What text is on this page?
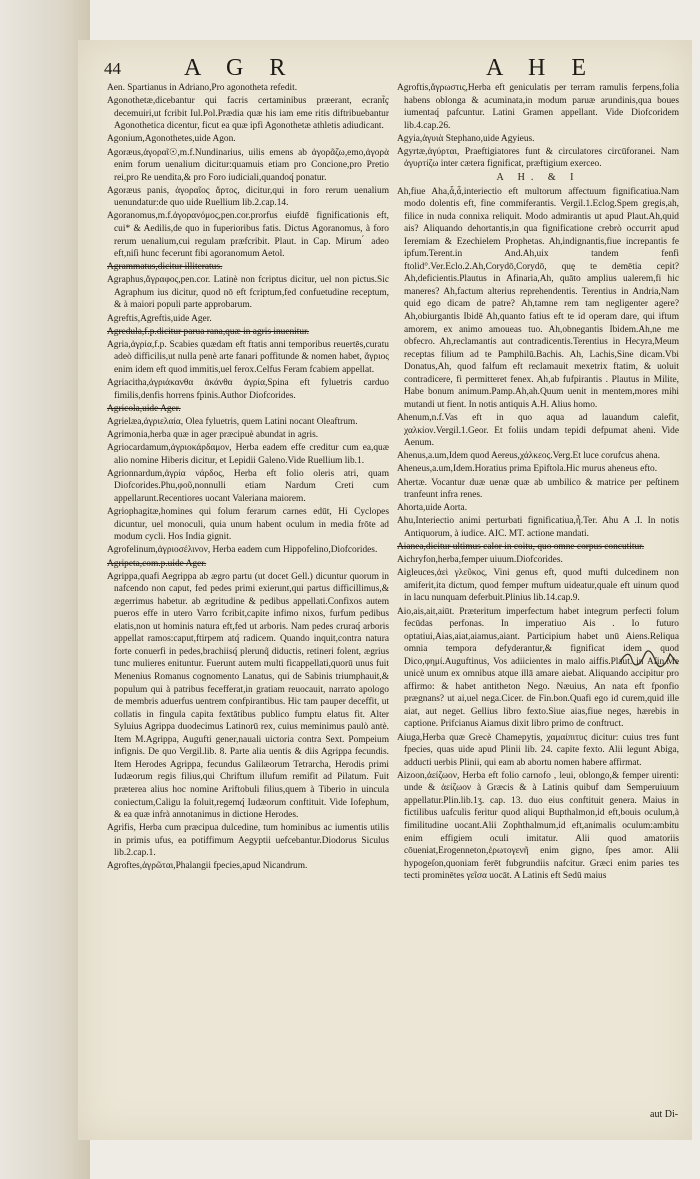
44	A G R	A H E

Aen. Spartianus in Adriano,Pro agonotheta refedit.

Agonothetæ,dicebantur qui facris certaminibus præerant, ecrant̃ç decemuiri,ut fcribit Iul.Pol.Prædia quæ his iam eme ritis diftribuebantur Agonothetica dicentur, ficut ea quæ ipfi Agonothetæ athletis adiudicant.

Agonium,Agonothetes,uide Agon.

Agoræus,ἀγοραῖ☉,m.f.Nundinarius, uilis emens ab ἀγορᾶζω,emo,ἀγορὰ enim forum uenalium dicitur:quamuis etiam pro Concione,pro Pretio rei,pro Re uendita,& pro Foro iudiciali,quandoq́ ponatur.

Agoræus panis, ἀγοραῖος ἄρτος, dicitur,qui in foro rerum uenalium uenundatur:de quo uide Ruellium lib.2.cap.14.

Agoranomus,m.f.ἀγορανόμος,pen.cor.prorfus eiufdē fignificationis eft, cui* & Aedilis,de quo in fuperioribus fatis. Dictus Agoranomus, à foro rerum uenalium,cui regulam præfcribit. Plaut. in Cap. Mirum ́ adeo eft,niſi hunc fecerunt fibi agoranomum Aetol.

Agrammatus,dicitur illiteratus.

Agraphus,ἄγραφος,pen.cor. Latinè non fcriptus dicitur, uel non pictus.Sic Agraphum ius dicitur, quod nō eft fcriptum,fed confuetudine receptum, & à maiori populi parte approbarum.

Agreftis,Agreftis,uide Ager.

Agredula,f.p.dicitur parua rana,quæ in agris inuenitur.

Agria,ἀγρία,f.p. Scabies quædam eft ftatis anni temporibus reuertēs,curatu adeò difficilis,ut nulla penè arte fanari poffitunde & nomen habet, ἄγριος enim idem eft quod immitis,uel ferox.Celfus Feram fcabiem appellat.

Agriacitha,ἀγριάκανθα ἀκάνθα ἀγρία,Spina eft fyluetris carduo fimilis,denfis horrens fpinis.Author Diofcorides.

Agricola,uide Ager.

Agrielæa,ἀγριελαία, Olea fyluetris, quem Latini nocant Oleaftrum.

Agrimonia,herba quæ in ager præcipuè abundat in agris.

Agriocardamum,ἀγριοκάρδαμον, Herba eadem effe creditur cum ea,quæ alio nomine Hiberis dicitur, et Lepidii Galeno.Vide Ruellium lib.1.

Agrionnardum,ἀγρία νάρδος, Herba eft folio oleris atri, quam Diofcorides.Phu,φοῦ,nonnulli etiam Nardum Creti cum appellarunt.Recentiores uocant Valeriana maiorem.

Agriophagitæ,homines qui folum ferarum carnes edūt, Hi Cyclopes dicuntur, uel monoculi, quia unum habent oculum in media frōte ad modum cycli. Hos India gignit.

Agrofelinum,ἀγριοσέλινον, Herba eadem cum Hippofelino,Diofcorides.

Agripeta,com.p.uide Ager.

Agrippa,quafi Aegrippa ab ægro partu (ut docet Gell.) dicuntur quorum in nafcendo non caput, fed pedes primi exierunt,qui partus difficillimus,& ægerrimus habetur. ab ægritudine & pedibus appellati.Confixos autem pueros effe in utero Varro fcribit,capite infimo nixos, furfum pedibus elatis,non ut hominis natura eft,fed ut arboris. Nam pedes cruraq́ arboris appellat ramos:caput,ftirpem atq́ radicem. Quando inquit,contra natura forte conuerfi in pedes,brachiisq́ plerunq̃ diductis, retineri folent, ægrius tunc mulieres enituntur. Fuerunt autem multi ficappellati,quorū unus fuit Menenius Romanus cognomento Lanatus, qui de Sabinis triumphauit,& populum qui à patribus fecefferat,in gratiam reuocauit, narrato apologo de membris aduerfus uentrem confpirantibus. Hic tam pauper deceffit, ut collatis in fingula capita fextātibus publico fumptu elatus fit. Alter Syluius Agrippa duodecimus Latinorū rex, cuius meminimus paulò antè. Item M.Agrippa, Augufti gener,nauali uictoria contra Sext. Pompeium infignis. De quo Vergil.lib. 8. Parte alia uentis & diis Agrippa fecundis. Item Herodes Agrippa, fecundus Galilæorum Tetrarcha, Herodis primi Iudæorum regis filius,qui Chriftum illufum remifit ad Pilatum. Fuit præterea alius hoc nomine Ariftobuli filius,quem à Tiberio in uincula coniectum,Caligu la foluit,regemq́ Iudæorum conftituit. Vide Iofephum, & ea quæ infrà annotanimus in dictione Herodes.

Agrifis, Herba cum præcipua dulcedine, tum hominibus ac iumentis utilis in primis ufus, ea potiffimum Aegyptii uefcebantur.Diodorus Siculus lib.2.cap.1.

Agroftes,ἀγρῶται,Phalangii fpecies,apud Nicandrum.

Agroftis,ἄγρωστις,Herba eft geniculatis per terram ramulis ferpens,folia habens oblonga & acuminata,in modum paruæ arundinis,qua boues iumentaq́ pafcuntur. Latini Gramen appellant. Vide Diofcoridem lib.4.cap.26.

Agyia,ἀγυιὰ Stephano,uide Agyieus.

Agyrtæ,ἀγύρται, Praeftigiatores funt & circulatores circūforanei. Nam ἀγυρτίζω inter cætera fignificat, præftigium exerceo.

A H. & I

Ah,fiue Aha,ἆ,ἆ,interiectio eft multorum affectuum fignificatiua.Nam modo dolentis eft, fine commiferantis. Vergil.1.Eclog.Spem gregis,ah, filice in nuda connixa reliquit. Modo admirantis ut apud Plaut.Ah,quid ais? Aliquando dehortantis,in qua fignificatione crebrò occurrit apud Ieremiam & Ezechielem Prophetas. Ah,indignantis,fiue increpantis fe ipfum.Terent.in And.Ah,uix tandem fenfi ftolid°.Ver.Eclo.2.Ah,Corydō,Corydō, quę te demētia cepit? Ah,deficientis.Plautus in Afinaria,Ah, quāto amplius ualerem,fi hic maneres? Ah,factum alterius reprehendentis. Terentius in Andria,Nam quid ego dicam de patre? Ah,tamne rem tam negligenter agere? Ah,obiurgantis Ibidē Ah,quanto fatius eft te id operam dare, qui iftum amorem, ex animo amoueas tuo. Ah,obnegantis Ibidem.Ah,ne me obfecro. Ah,reclamantis aut contradicentis.Terentius in Hecyra,Meum receptas filium ad te Pamphilū.Bachis. Ah, Lachis,Sine dicam.Vbi Donatus,Ah, quod falfum eft reclamauit mexetrix ftatim, & uoluit contradicere, fi permitteret fenex. Ah,ab fufpirantis . Plautus in Milite, Habe bonum animum.Pamp.Ah,ah.Quum uenit in mentem,mores mihi mutandi ut fient. In notis antiquis A.H. Alius homo.

Ahenum,n.f.Vas eft in quo aqua ad lauandum calefit, χαλκίον.Vergil.1.Geor. Et foliis undam tepidi defpumat aheni. Vide Aenum.

Ahenus,a.um,Idem quod Aereus,χάλκεος.Verg.Et luce corufcus ahena.

Aheneus,a.um,Idem.Horatius prima Epiftola.Hic murus aheneus efto.

Ahertæ. Vocantur duæ uenæ quæ ab umbilico & matrice per peſtinem tranfeunt infra renes.

Ahorta,uide Aorta.

Ahu,Interiectio animi perturbati fignificatiua,ἦ.Ter. Ahu A .I. In notis Antiquorum, à iudice. AIC. MT. actione mandati.

Aianea,dicitur ultimus calor in coitu, quo omne corpus concutitur.

Aichryfon,herba,femper uiuum.Diofcorides.

Aigleuces,ἀεὶ γλεῦκος, Vini genus eft, quod mufti dulcedinem non amiferit,ita dictum, quod femper muftum uideatur,quale eft uinum quod in lacu nunquam deferbuit.Plinius lib.14.cap.9.

Aio,ais,ait,aiūt. Præteritum imperfectum habet integrum perfecti folum fecūdas perfonas. In imperatiuo Ais . Io futuro optatiui,Aias,aiat,aiamus,aiant. Participium habet unū Aiens.Reliqua omnia tempora defyderantur,& fignificat idem quod Dico,φημί.Auguftinus, Vos adiicientes in malo aiffis.Plaut. in Afin.Me unicè unum ex omnibus atque illā amare aiebat. Aliquando accipitur pro affirmo: & habet antitheton Nego. Næuius, An nata eft fponfio prægnans? ut ai,uel nega.Cicer. de Fin.bon.Quafi ego id curem,quid ille aiat, aut neget. Gellius libro fexto.Siue aias,fiue neges, hærebis in captione. Prifcianus Aiamus dixit libro primo de conftruct.

Aiuga,Herba quæ Grecè Chamepytis, χαμαίπιτυς dicitur: cuius tres funt fpecies, quas uide apud Plinii lib. 24. capite fexto. Alii legunt Abiga, adducti uerbis Plinii, qui eam ab abortu nomen habere affirmat.

Aizoon,ἀείζωον, Herba eft folio carnofo , leui, oblongo,& femper uirenti: unde & ἀείζωον à Græcis & à Latinis quibuf dam Semperuiuum appellatur.Plin.lib.1ʒ. cap. 13. duo eius conftituit genera. Maius in fictilibus uafculis feritur quod aliqui Bupthalmon,id eft,bouis oculum,à fimilitudine uocant.Alii Zophthalmum,id eft,animalis oculum:ambitu enim effigiem oculi imitatur. Alii quod amatoriis cōueniat,Erogenneton,ἐρωτογενῆ enim gigno, ſpes amor. Alii hypogeſon,quoniam ferēt fubgrundiis nafcitur. Græci enim paries tes tecti prominētes γεῖσα uocāt. A Latinis eft Sedū maius

aut Di-
